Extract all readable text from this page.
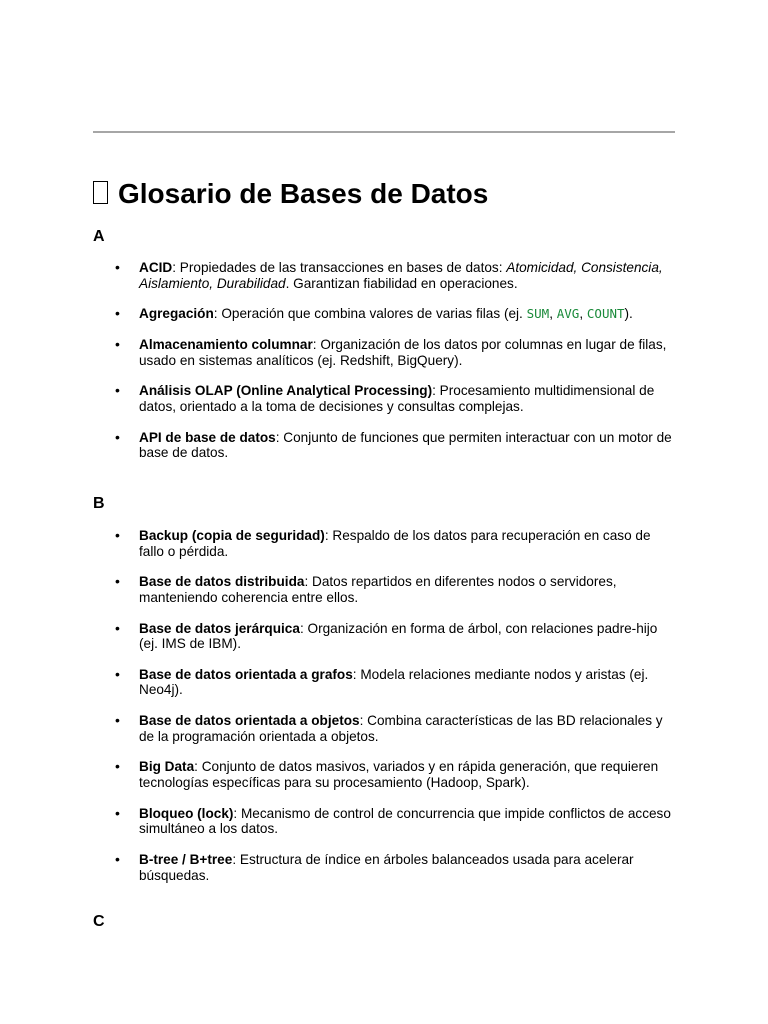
Glosario de Bases de Datos
A
• ACID: Propiedades de las transacciones en bases de datos: Atomicidad, Consistencia, Aislamiento, Durabilidad. Garantizan fiabilidad en operaciones.
• Agregación: Operación que combina valores de varias filas (ej. SUM, AVG, COUNT).
• Almacenamiento columnar: Organización de los datos por columnas en lugar de filas, usado en sistemas analíticos (ej. Redshift, BigQuery).
• Análisis OLAP (Online Analytical Processing): Procesamiento multidimensional de datos, orientado a la toma de decisiones y consultas complejas.
• API de base de datos: Conjunto de funciones que permiten interactuar con un motor de base de datos.
B
• Backup (copia de seguridad): Respaldo de los datos para recuperación en caso de fallo o pérdida.
• Base de datos distribuida: Datos repartidos en diferentes nodos o servidores, manteniendo coherencia entre ellos.
• Base de datos jerárquica: Organización en forma de árbol, con relaciones padre-hijo (ej. IMS de IBM).
• Base de datos orientada a grafos: Modela relaciones mediante nodos y aristas (ej. Neo4j).
• Base de datos orientada a objetos: Combina características de las BD relacionales y de la programación orientada a objetos.
• Big Data: Conjunto de datos masivos, variados y en rápida generación, que requieren tecnologías específicas para su procesamiento (Hadoop, Spark).
• Bloqueo (lock): Mecanismo de control de concurrencia que impide conflictos de acceso simultáneo a los datos.
• B-tree / B+tree: Estructura de índice en árboles balanceados usada para acelerar búsquedas.
C
